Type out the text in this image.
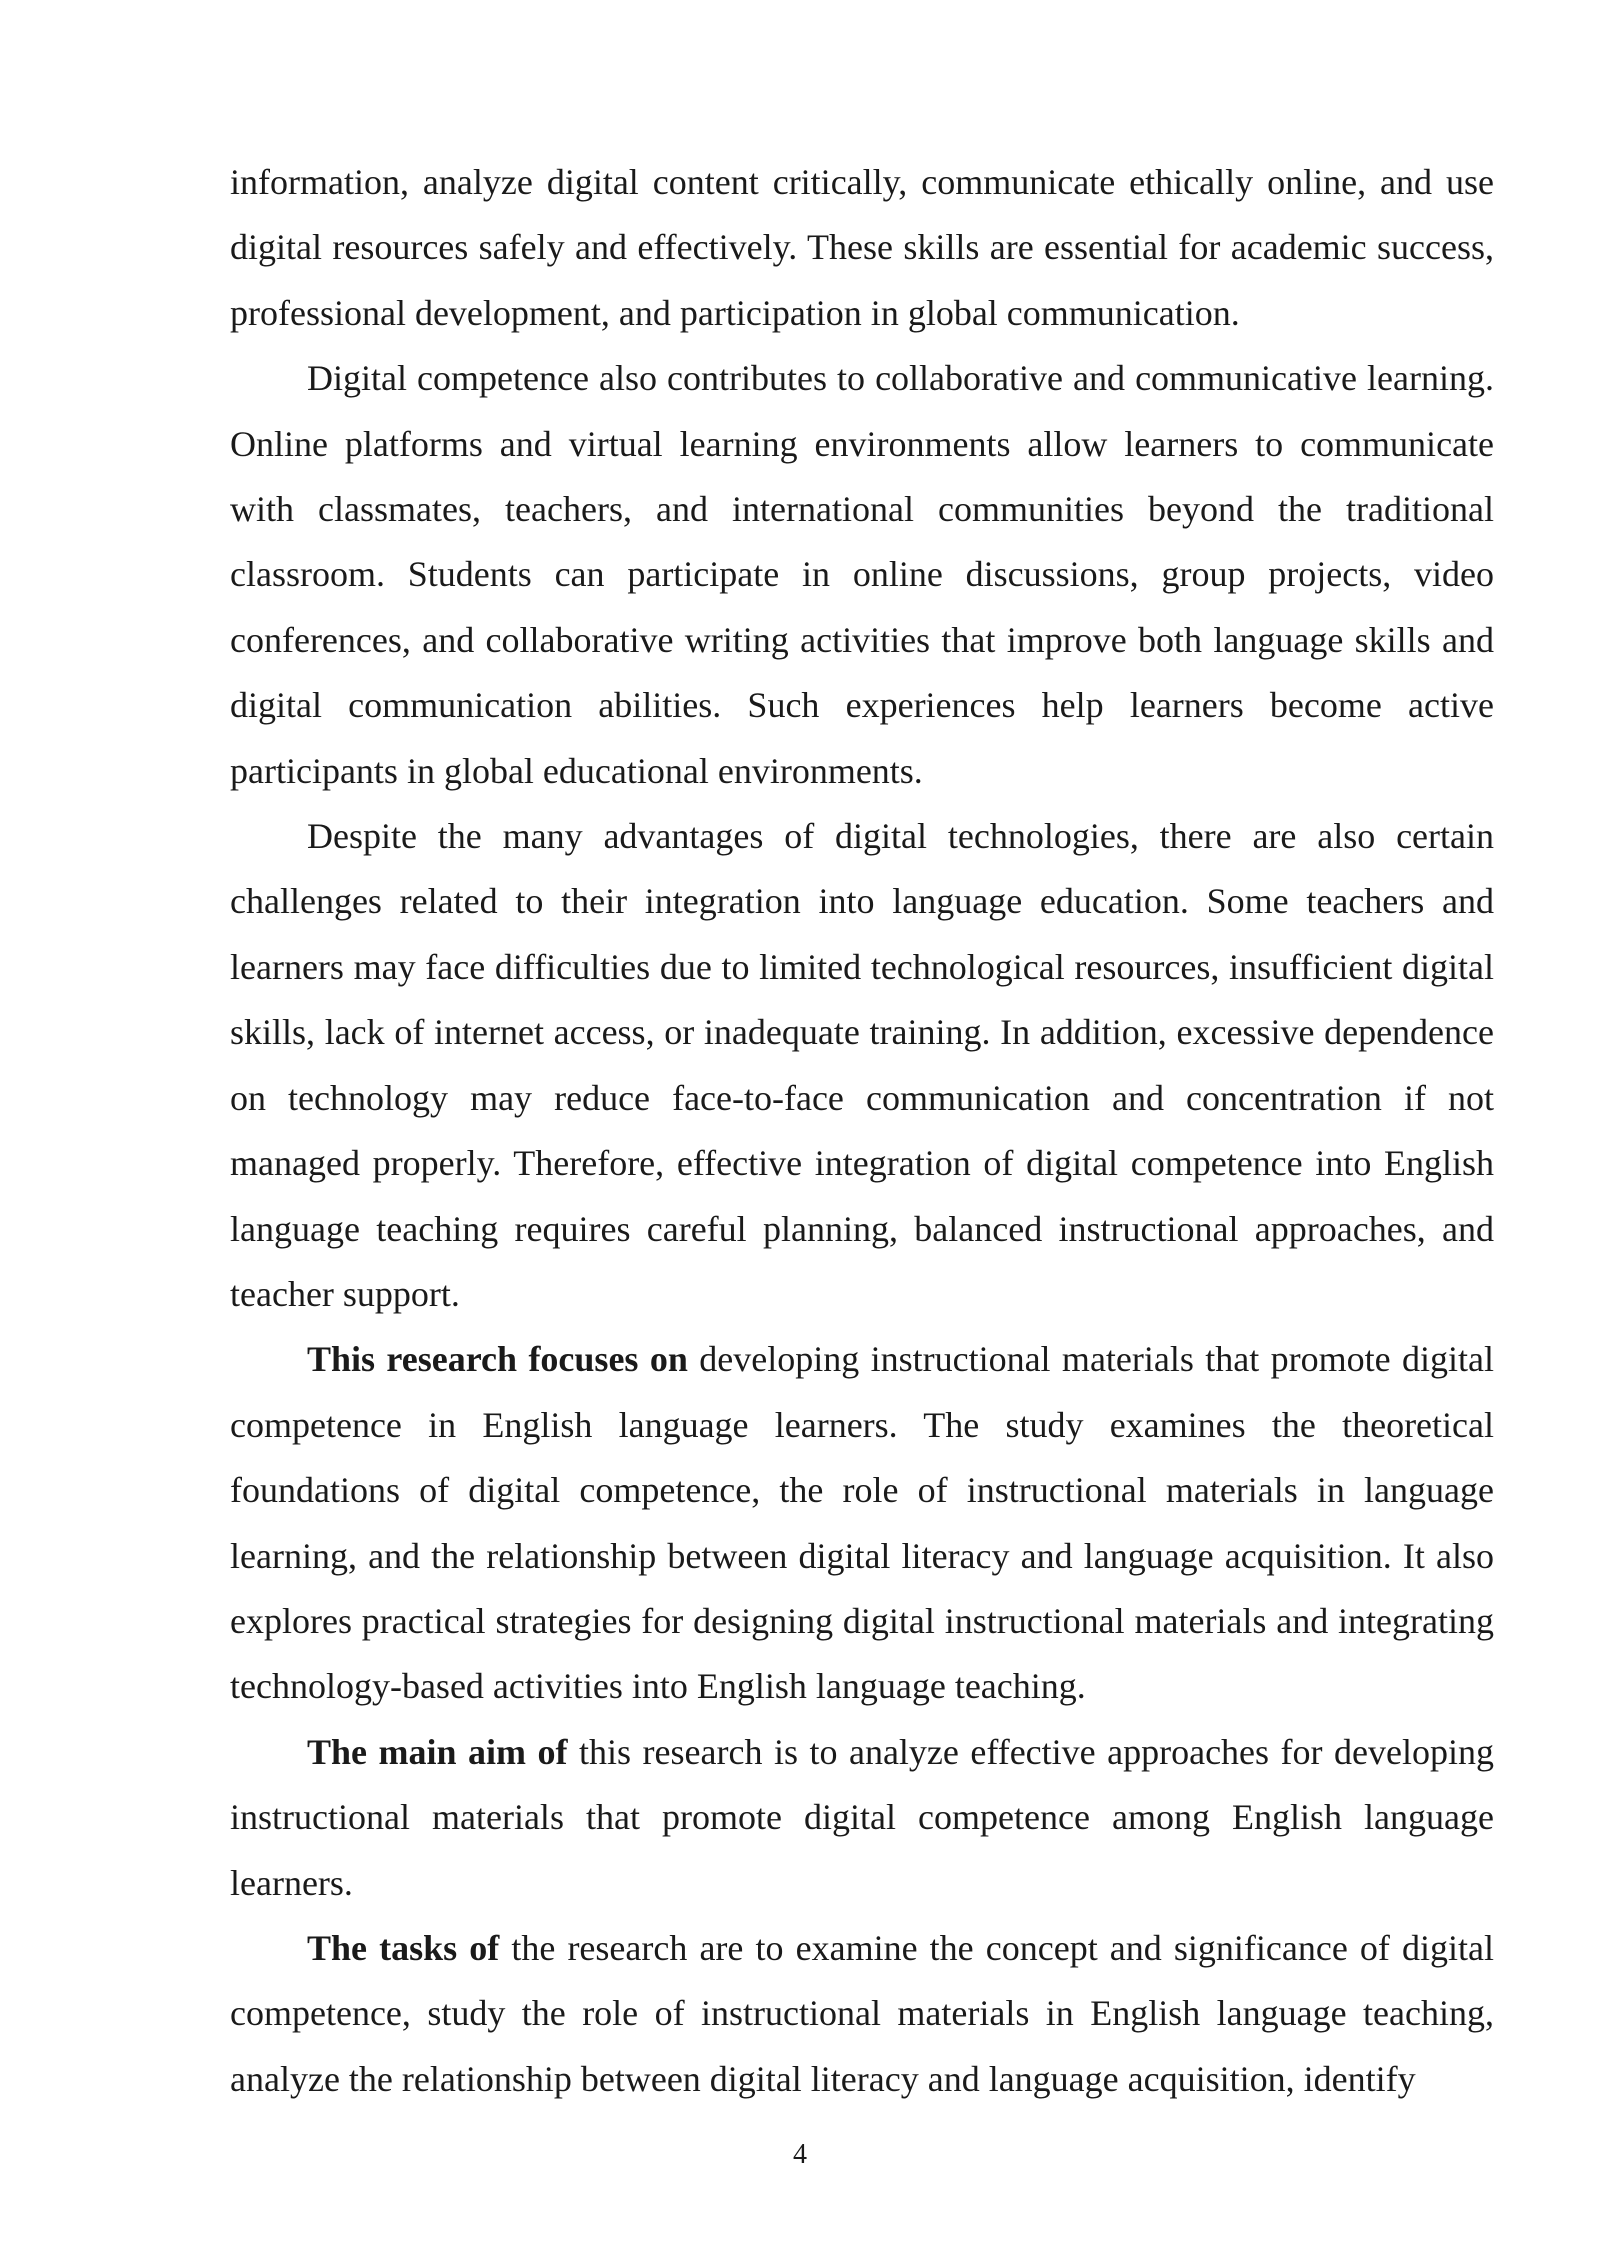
information, analyze digital content critically, communicate ethically online, and use digital resources safely and effectively. These skills are essential for academic success, professional development, and participation in global communication.

Digital competence also contributes to collaborative and communicative learning. Online platforms and virtual learning environments allow learners to communicate with classmates, teachers, and international communities beyond the traditional classroom. Students can participate in online discussions, group projects, video conferences, and collaborative writing activities that improve both language skills and digital communication abilities. Such experiences help learners become active participants in global educational environments.

Despite the many advantages of digital technologies, there are also certain challenges related to their integration into language education. Some teachers and learners may face difficulties due to limited technological resources, insufficient digital skills, lack of internet access, or inadequate training. In addition, excessive dependence on technology may reduce face-to-face communication and concentration if not managed properly. Therefore, effective integration of digital competence into English language teaching requires careful planning, balanced instructional approaches, and teacher support.

This research focuses on developing instructional materials that promote digital competence in English language learners. The study examines the theoretical foundations of digital competence, the role of instructional materials in language learning, and the relationship between digital literacy and language acquisition. It also explores practical strategies for designing digital instructional materials and integrating technology-based activities into English language teaching.

The main aim of this research is to analyze effective approaches for developing instructional materials that promote digital competence among English language learners.

The tasks of the research are to examine the concept and significance of digital competence, study the role of instructional materials in English language teaching, analyze the relationship between digital literacy and language acquisition, identify

4
